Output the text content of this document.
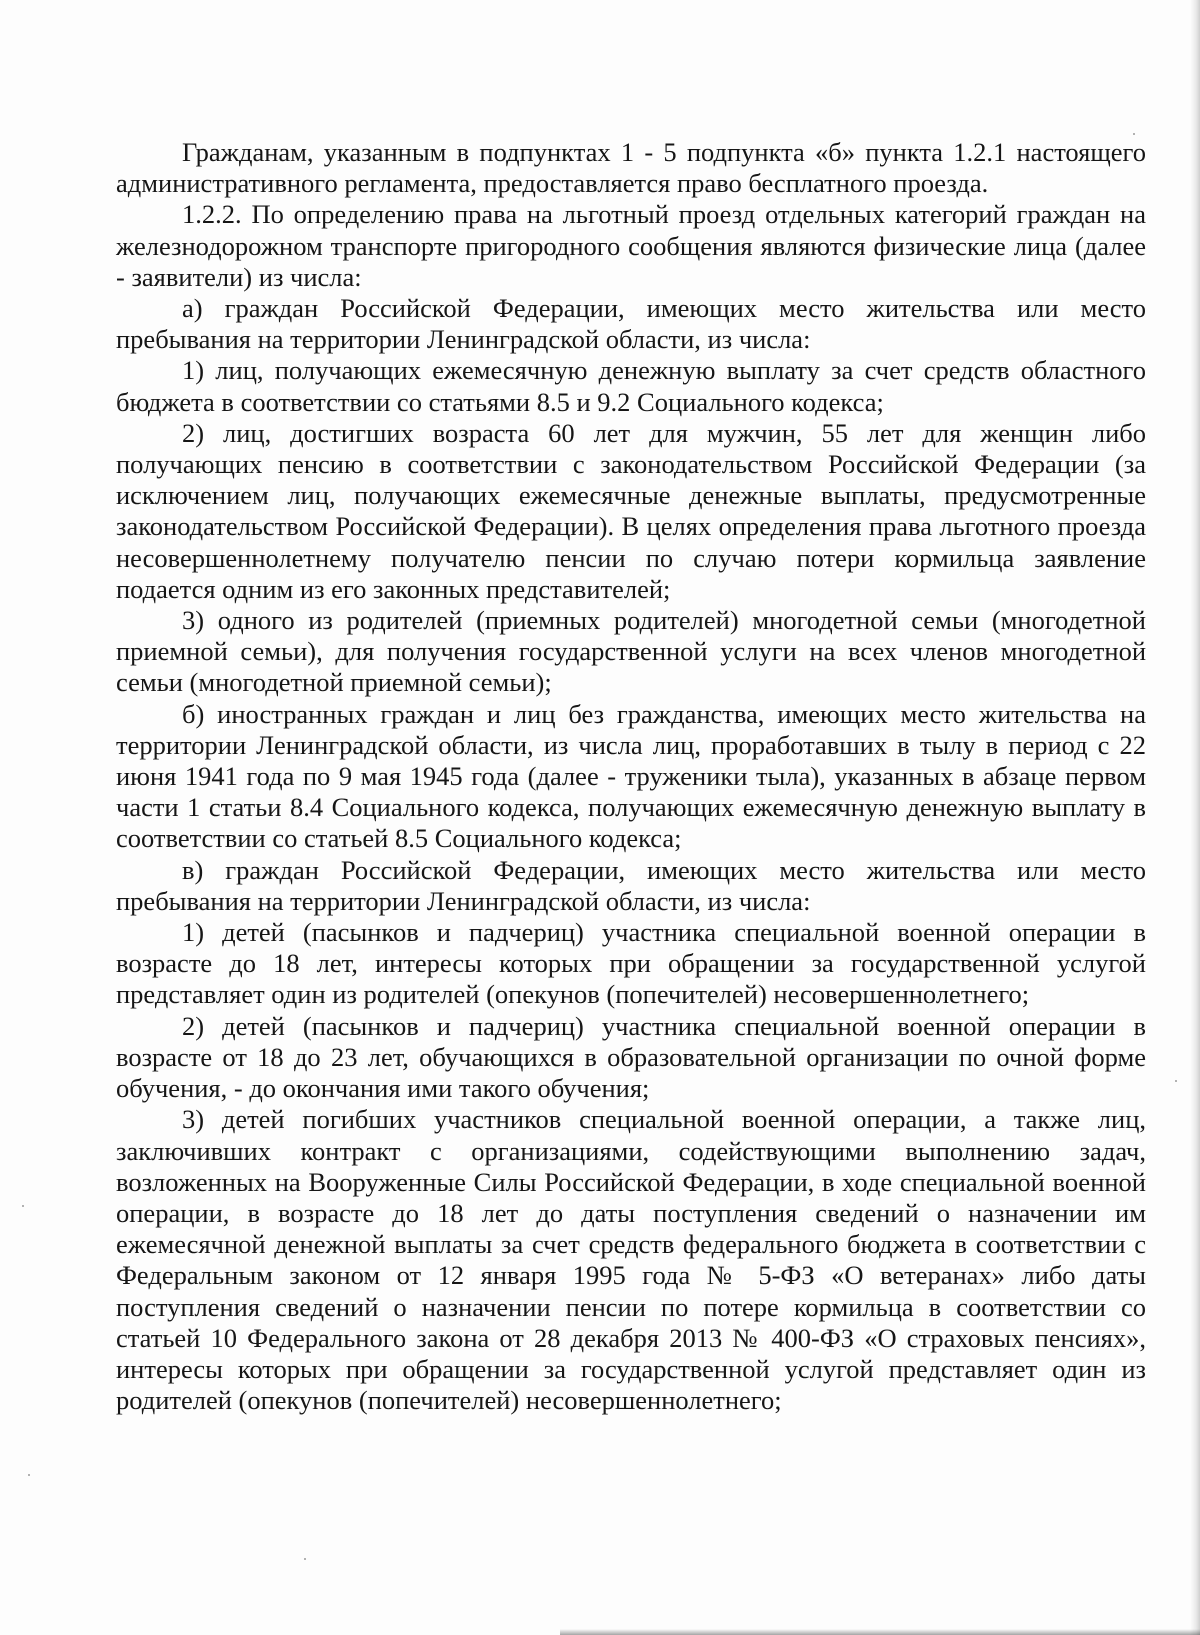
Гражданам, указанным в подпунктах 1 - 5 подпункта «б» пункта 1.2.1 настоящего административного регламента, предоставляется право бесплатного проезда.

1.2.2. По определению права на льготный проезд отдельных категорий граждан на железнодорожном транспорте пригородного сообщения являются физические лица (далее - заявители) из числа:

а) граждан Российской Федерации, имеющих место жительства или место пребывания на территории Ленинградской области, из числа:

1) лиц, получающих ежемесячную денежную выплату за счет средств областного бюджета в соответствии со статьями 8.5 и 9.2 Социального кодекса;

2) лиц, достигших возраста 60 лет для мужчин, 55 лет для женщин либо получающих пенсию в соответствии с законодательством Российской Федерации (за исключением лиц, получающих ежемесячные денежные выплаты, предусмотренные законодательством Российской Федерации). В целях определения права льготного проезда несовершеннолетнему получателю пенсии по случаю потери кормильца заявление подается одним из его законных представителей;

3) одного из родителей (приемных родителей) многодетной семьи (многодетной приемной семьи), для получения государственной услуги на всех членов многодетной семьи (многодетной приемной семьи);

б) иностранных граждан и лиц без гражданства, имеющих место жительства на территории Ленинградской области, из числа лиц, проработавших в тылу в период с 22 июня 1941 года по 9 мая 1945 года (далее - труженики тыла), указанных в абзаце первом части 1 статьи 8.4 Социального кодекса, получающих ежемесячную денежную выплату в соответствии со статьей 8.5 Социального кодекса;

в) граждан Российской Федерации, имеющих место жительства или место пребывания на территории Ленинградской области, из числа:

1) детей (пасынков и падчериц) участника специальной военной операции в возрасте до 18 лет, интересы которых при обращении за государственной услугой представляет один из родителей (опекунов (попечителей) несовершеннолетнего;

2) детей (пасынков и падчериц) участника специальной военной операции в возрасте от 18 до 23 лет, обучающихся в образовательной организации по очной форме обучения, - до окончания ими такого обучения;

3) детей погибших участников специальной военной операции, а также лиц, заключивших контракт с организациями, содействующими выполнению задач, возложенных на Вооруженные Силы Российской Федерации, в ходе специальной военной операции, в возрасте до 18 лет до даты поступления сведений о назначении им ежемесячной денежной выплаты за счет средств федерального бюджета в соответствии с Федеральным законом от 12 января 1995 года № 5-ФЗ «О ветеранах» либо даты поступления сведений о назначении пенсии по потере кормильца в соответствии со статьей 10 Федерального закона от 28 декабря 2013 № 400-ФЗ «О страховых пенсиях», интересы которых при обращении за государственной услугой представляет один из родителей (опекунов (попечителей) несовершеннолетнего;
